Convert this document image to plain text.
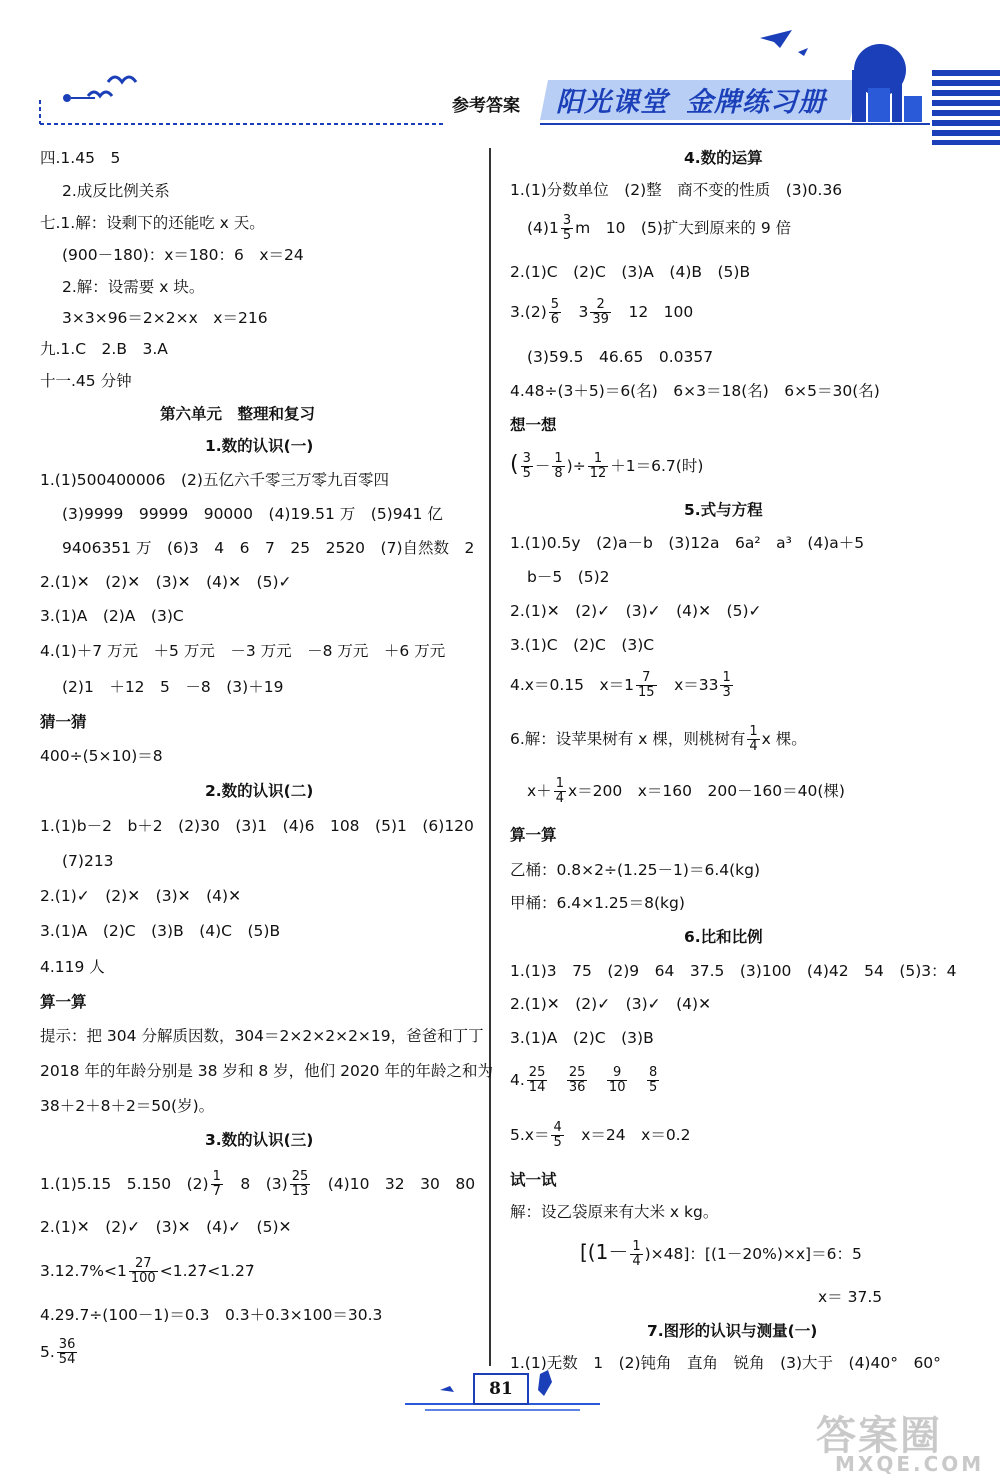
参考答案 阳光课堂 金牌练习册
四.1.45　5
2.成反比例关系
七.1.解：设剩下的还能吃 x 天。
(900－180)：x＝180：6　x＝24
2.解：设需要 x 块。
3×3×96＝2×2×x　x＝216
九.1.C　2.B　3.A
十一.45 分钟
第六单元　整理和复习
1.数的认识(一)
1.(1)500400006　(2)五亿六千零三万零九百零四
(3)9999　99999　90000　(4)19.51 万　(5)941 亿
9406351 万　(6)3　4　6　7　25　2520　(7)自然数　2
2.(1)✕　(2)✕　(3)✕　(4)✕　(5)✓
3.(1)A　(2)A　(3)C
4.(1)＋7 万元　＋5 万元　－3 万元　－8 万元　＋6 万元
(2)1　＋12　5　－8　(3)＋19
猜一猜
400÷(5×10)＝8
2.数的认识(二)
1.(1)b－2　b＋2　(2)30　(3)1　(4)6　108　(5)1　(6)120
(7)213
2.(1)✓　(2)✕　(3)✕　(4)✕
3.(1)A　(2)C　(3)B　(4)C　(5)B
4.119 人
算一算
提示：把 304 分解质因数，304＝2×2×2×2×19，爸爸和丁丁
2018 年的年龄分别是 38 岁和 8 岁，他们 2020 年的年龄之和为
38＋2＋8＋2＝50(岁)。
3.数的认识(三)
2.(1)✕　(2)✓　(3)✕　(4)✓　(5)✕
4.29.7÷(100－1)＝0.3　0.3＋0.3×100＝30.3
1.(1)5.15　5.150　$(2) \frac{1}{7}$ 　8　$(3) \frac{25}{13}$ 　(4)10　32　30　80
$3.12.7\%<1 \frac{27}{100}$ <1.2̇7̇<1.27̇
5. $\frac{36}{54}$
4.数的运算
1.(1)分数单位　(2)整　商不变的性质　(3)0.36
2.(1)C　(2)C　(3)A　(4)B　(5)B
(3)59.5　46.65　0.0357
4.48÷(3＋5)＝6(名)　6×3＝18(名)　6×5＝30(名)
想一想
5.式与方程
1.(1)0.5y　(2)a－b　(3)12a　6a²　a³　(4)a＋5
b－5　(5)2
2.(1)✕　(2)✓　(3)✓　(4)✕　(5)✓
3.(1)C　(2)C　(3)C
算一算
乙桶：0.8×2÷(1.25－1)＝6.4(kg)
甲桶：6.4×1.25＝8(kg)
6.比和比例
1.(1)3　75　(2)9　64　37.5　(3)100　(4)42　54　(5)3：4
2.(1)✕　(2)✓　(3)✓　(4)✕
3.(1)A　(2)C　(3)B
试一试
解：设乙袋原来有大米 x kg。
x＝ 37.5
7.图形的认识与测量(一)
1.(1)无数　1　(2)钝角　直角　锐角　(3)大于　(4)40°　60°
$(4)1 \frac{3}{5}$ m　10　(5)扩大到原来的 9 倍
$3.(2) \frac{5}{6}$ 　$3 \frac{2}{39}$ 　12　100
( $\frac{3}{5} - \frac{1}{8}$ )÷ $\frac{1}{12} +1=6.7$(时)
4.x＝0.15　$x=1 \frac{7}{15}$ 　$x=33 \frac{1}{3}$
6.解：设苹果树有 x 棵，则桃树有 $\frac{1}{4}$ x 棵。
$x+ \frac{1}{4} x=200$　x＝160　200－160＝40(棵)
4. $\frac{25}{14}$
　 $\frac{25}{36}$
　 $\frac{9}{10}$
　 $\frac{8}{5}$
$5.x= \frac{4}{5}$ 　x＝24　x＝0.2
$[(1- \frac{1}{4} )\times 48]$：[(1－20%)×x]＝6：5
81
答案圈
MXQE.COM
